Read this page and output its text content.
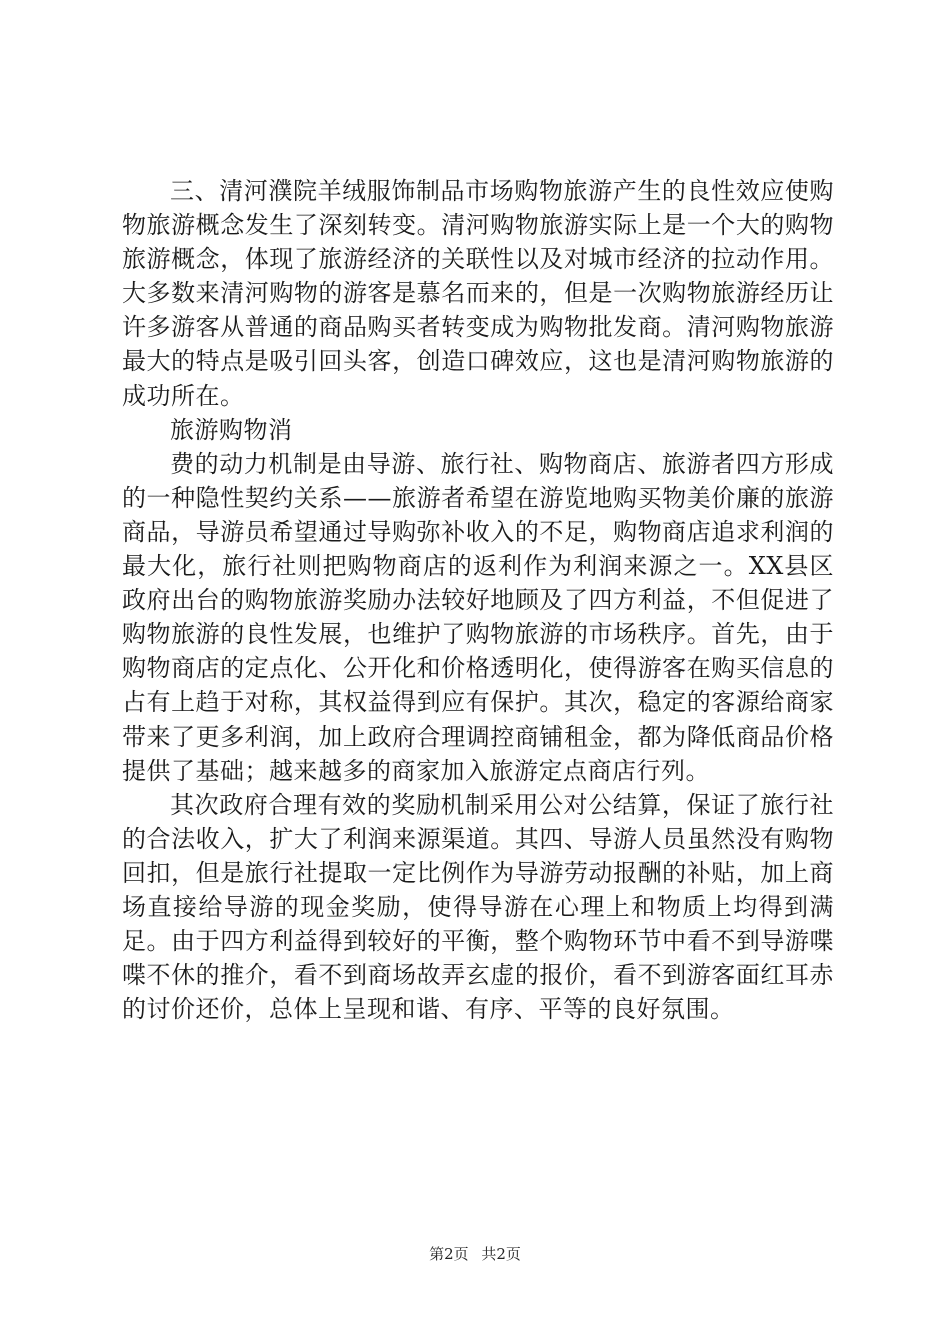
三、清河濮院羊绒服饰制品市场购物旅游产生的良性效应使购物旅游概念发生了深刻转变。清河购物旅游实际上是一个大的购物旅游概念，体现了旅游经济的关联性以及对城市经济的拉动作用。大多数来清河购物的游客是慕名而来的，但是一次购物旅游经历让许多游客从普通的商品购买者转变成为购物批发商。清河购物旅游最大的特点是吸引回头客，创造口碑效应，这也是清河购物旅游的成功所在。

旅游购物消

费的动力机制是由导游、旅行社、购物商店、旅游者四方形成的一种隐性契约关系——旅游者希望在游览地购买物美价廉的旅游商品，导游员希望通过导购弥补收入的不足，购物商店追求利润的最大化，旅行社则把购物商店的返利作为利润来源之一。XX县区政府出台的购物旅游奖励办法较好地顾及了四方利益，不但促进了购物旅游的良性发展，也维护了购物旅游的市场秩序。首先，由于购物商店的定点化、公开化和价格透明化，使得游客在购买信息的占有上趋于对称，其权益得到应有保护。其次，稳定的客源给商家带来了更多利润，加上政府合理调控商铺租金，都为降低商品价格提供了基础；越来越多的商家加入旅游定点商店行列。

其次政府合理有效的奖励机制采用公对公结算，保证了旅行社的合法收入，扩大了利润来源渠道。其四、导游人员虽然没有购物回扣，但是旅行社提取一定比例作为导游劳动报酬的补贴，加上商场直接给导游的现金奖励，使得导游在心理上和物质上均得到满足。由于四方利益得到较好的平衡，整个购物环节中看不到导游喋喋不休的推介，看不到商场故弄玄虚的报价，看不到游客面红耳赤的讨价还价，总体上呈现和谐、有序、平等的良好氛围。

第2页 共2页
